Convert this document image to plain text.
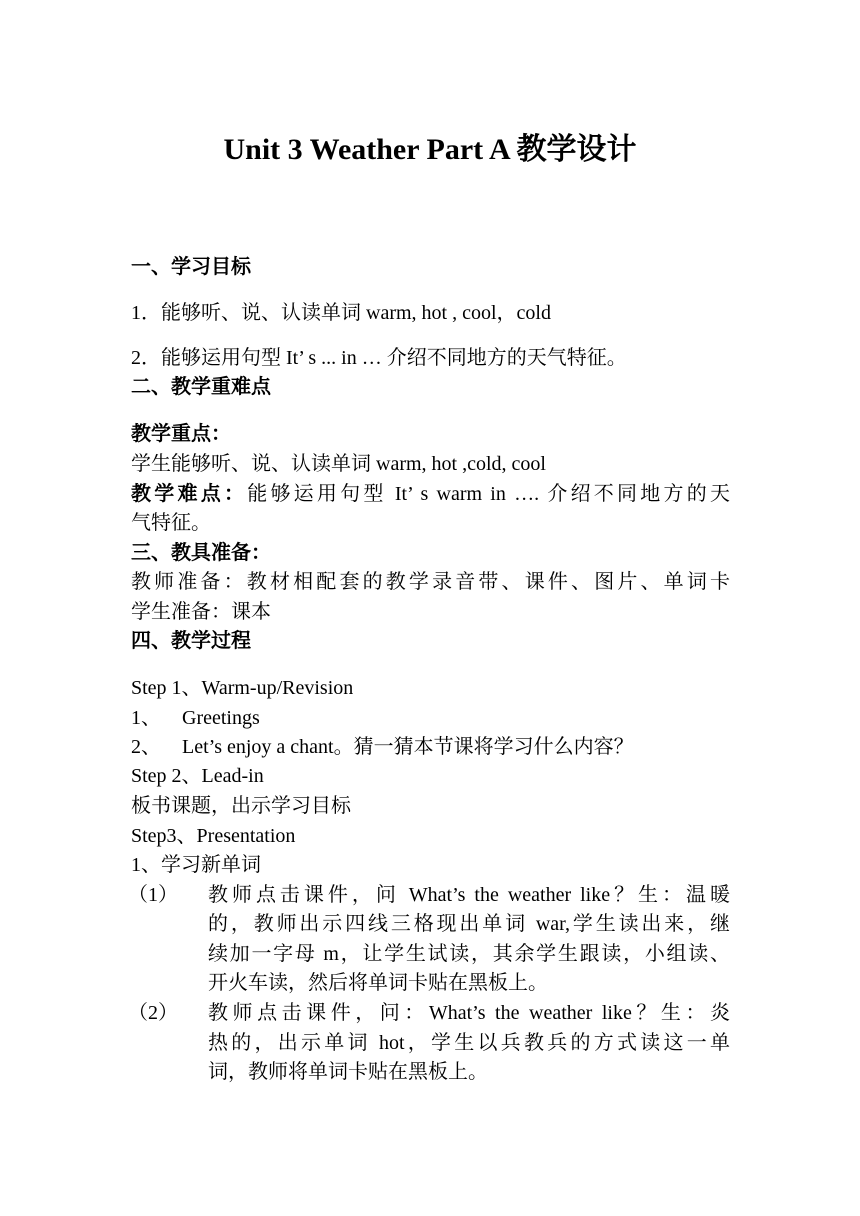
Unit 3 Weather Part A 教学设计
一、学习目标
1．能够听、说、认读单词 warm, hot , cool，cold
2．能够运用句型 It’ s ... in … 介绍不同地方的天气特征。
二、教学重难点
教学重点：
学生能够听、说、认读单词 warm, hot ,cold, cool
教学难点：能够运用句型 It’ s warm in …. 介绍不同地方的天
气特征。
三、教具准备：
教师准备：教材相配套的教学录音带、课件、图片、单词卡
学生准备：课本
四、教学过程
Step 1、Warm-up/Revision
1、 Greetings
2、 Let’s enjoy a chant。猜一猜本节课将学习什么内容？
Step 2、Lead-in
板书课题，出示学习目标
Step3、Presentation
1、学习新单词
（1） 教师点击课件，问 What’s the weather like？生：温暖
的，教师出示四线三格现出单词 war,学生读出来，继
续加一字母 m，让学生试读，其余学生跟读，小组读、
开火车读，然后将单词卡贴在黑板上。
（2） 教师点击课件，问：What’s the weather like？生：炎
热的，出示单词 hot，学生以兵教兵的方式读这一单
词，教师将单词卡贴在黑板上。
